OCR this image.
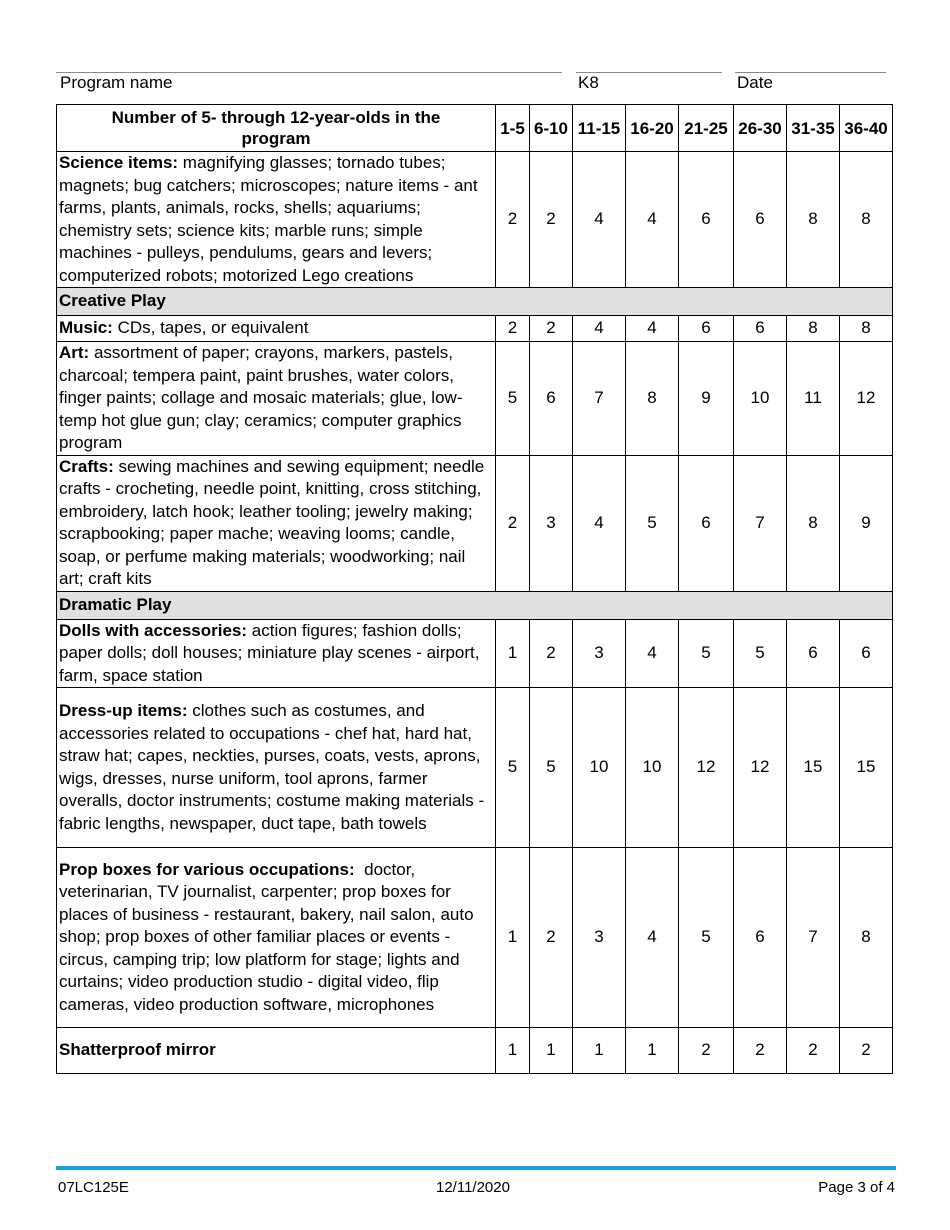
Program name	K8	Date
Number of 5- through 12-year-olds in the program	1-5	6-10	11-15	16-20	21-25	26-30	31-35	36-40
Science items: magnifying glasses; tornado tubes; magnets; bug catchers; microscopes; nature items - ant farms, plants, animals, rocks, shells; aquariums; chemistry sets; science kits; marble runs; simple machines - pulleys, pendulums, gears and levers; computerized robots; motorized Lego creations	2	2	4	4	6	6	8	8
Creative Play								
Music: CDs, tapes, or equivalent	2	2	4	4	6	6	8	8
Art: assortment of paper; crayons, markers, pastels, charcoal; tempera paint, paint brushes, water colors, finger paints; collage and mosaic materials; glue, low-temp hot glue gun; clay; ceramics; computer graphics program	5	6	7	8	9	10	11	12
Crafts: sewing machines and sewing equipment; needle crafts - crocheting, needle point, knitting, cross stitching, embroidery, latch hook; leather tooling; jewelry making; scrapbooking; paper mache; weaving looms; candle, soap, or perfume making materials; woodworking; nail art; craft kits	2	3	4	5	6	7	8	9
Dramatic Play								
Dolls with accessories: action figures; fashion dolls; paper dolls; doll houses; miniature play scenes - airport, farm, space station	1	2	3	4	5	5	6	6
Dress-up items: clothes such as costumes, and accessories related to occupations - chef hat, hard hat, straw hat; capes, neckties, purses, coats, vests, aprons, wigs, dresses, nurse uniform, tool aprons, farmer overalls, doctor instruments; costume making materials - fabric lengths, newspaper, duct tape, bath towels	5	5	10	10	12	12	15	15
Prop boxes for various occupations: doctor, veterinarian, TV journalist, carpenter; prop boxes for places of business - restaurant, bakery, nail salon, auto shop; prop boxes of other familiar places or events - circus, camping trip; low platform for stage; lights and curtains; video production studio - digital video, flip cameras, video production software, microphones	1	2	3	4	5	6	7	8
Shatterproof mirror	1	1	1	1	2	2	2	2
07LC125E	12/11/2020	Page 3 of 4
